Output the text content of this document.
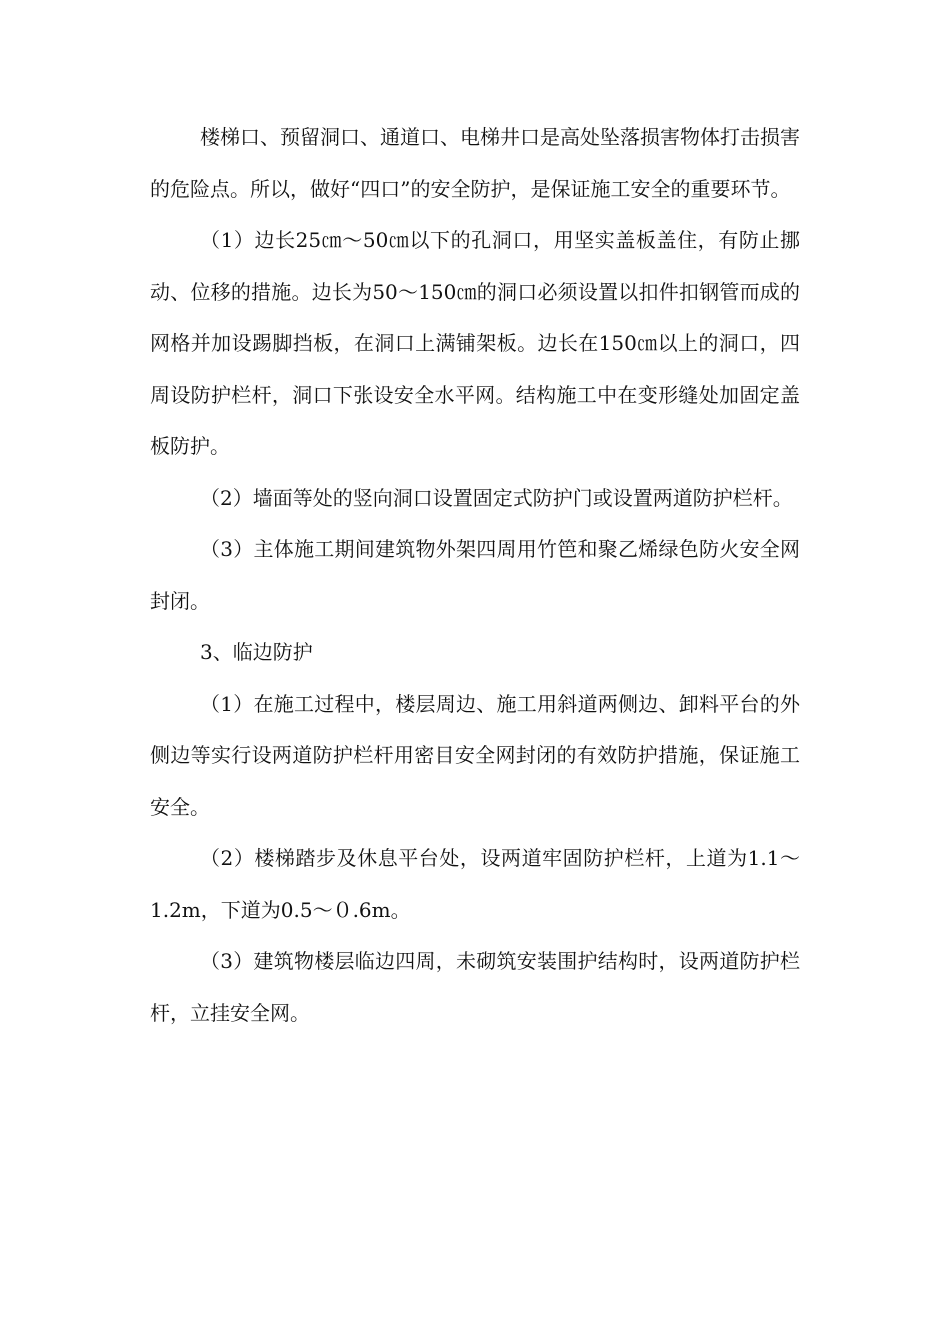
楼梯口、预留洞口、通道口、电梯井口是高处坠落损害物体打击损害的危险点。所以，做好“四口”的安全防护，是保证施工安全的重要环节。

（1）边长25㎝～50㎝以下的孔洞口，用坚实盖板盖住，有防止挪动、位移的措施。边长为50～150㎝的洞口必须设置以扣件扣钢管而成的网格并加设踢脚挡板，在洞口上满铺架板。边长在150㎝以上的洞口，四周设防护栏杆，洞口下张设安全水平网。结构施工中在变形缝处加固定盖板防护。

（2）墙面等处的竖向洞口设置固定式防护门或设置两道防护栏杆。

（3）主体施工期间建筑物外架四周用竹笆和聚乙烯绿色防火安全网封闭。

3、临边防护

（1）在施工过程中，楼层周边、施工用斜道两侧边、卸料平台的外侧边等实行设两道防护栏杆用密目安全网封闭的有效防护措施，保证施工安全。

（2）楼梯踏步及休息平台处，设两道牢固防护栏杆，上道为1.1～1.2m，下道为0.5～０.6m。

（3）建筑物楼层临边四周，未砌筑安装围护结构时，设两道防护栏杆，立挂安全网。
